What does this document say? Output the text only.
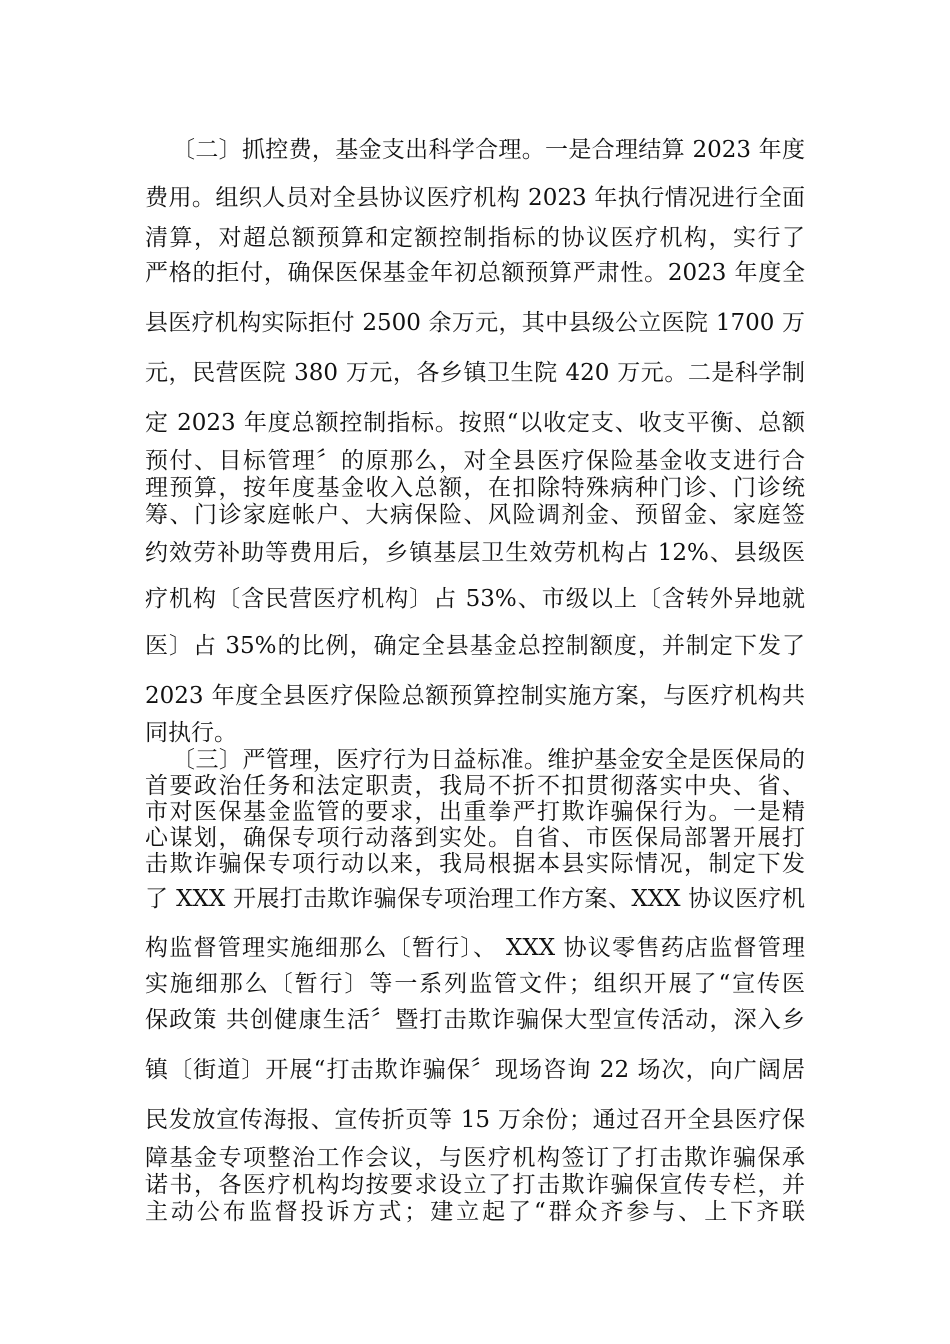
〔二〕抓控费，基金支出科学合理。一是合理结算 2023 年度
费用。组织人员对全县协议医疗机构 2023 年执行情况进行全面
清算，对超总额预算和定额控制指标的协议医疗机构，实行了
严格的拒付，确保医保基金年初总额预算严肃性。2023 年度全
县医疗机构实际拒付 2500 余万元，其中县级公立医院 1700 万
元，民营医院 380 万元，各乡镇卫生院 420 万元。二是科学制
定 2023 年度总额控制指标。按照“以收定支、收支平衡、总额
预付、目标管理〞的原那么，对全县医疗保险基金收支进行合
理预算，按年度基金收入总额，在扣除特殊病种门诊、门诊统
筹、门诊家庭帐户、大病保险、风险调剂金、预留金、家庭签
约效劳补助等费用后，乡镇基层卫生效劳机构占 12%、县级医
疗机构〔含民营医疗机构〕占 53%、市级以上〔含转外异地就
医〕占 35%的比例，确定全县基金总控制额度，并制定下发了
2023 年度全县医疗保险总额预算控制实施方案，与医疗机构共
同执行。
〔三〕严管理，医疗行为日益标准。维护基金安全是医保局的
首要政治任务和法定职责，我局不折不扣贯彻落实中央、省、
市对医保基金监管的要求，出重拳严打欺诈骗保行为。一是精
心谋划，确保专项行动落到实处。自省、市医保局部署开展打
击欺诈骗保专项行动以来，我局根据本县实际情况，制定下发
了 XXX 开展打击欺诈骗保专项治理工作方案、XXX 协议医疗机
构监督管理实施细那么〔暂行〕、 XXX 协议零售药店监督管理
实施细那么〔暂行〕等一系列监管文件；组织开展了“宣传医
保政策 共创健康生活〞暨打击欺诈骗保大型宣传活动，深入乡
镇〔街道〕开展“打击欺诈骗保〞现场咨询 22 场次，向广阔居
民发放宣传海报、宣传折页等 15 万余份；通过召开全县医疗保
障基金专项整治工作会议，与医疗机构签订了打击欺诈骗保承
诺书，各医疗机构均按要求设立了打击欺诈骗保宣传专栏，并
主动公布监督投诉方式；建立起了“群众齐参与、上下齐联
